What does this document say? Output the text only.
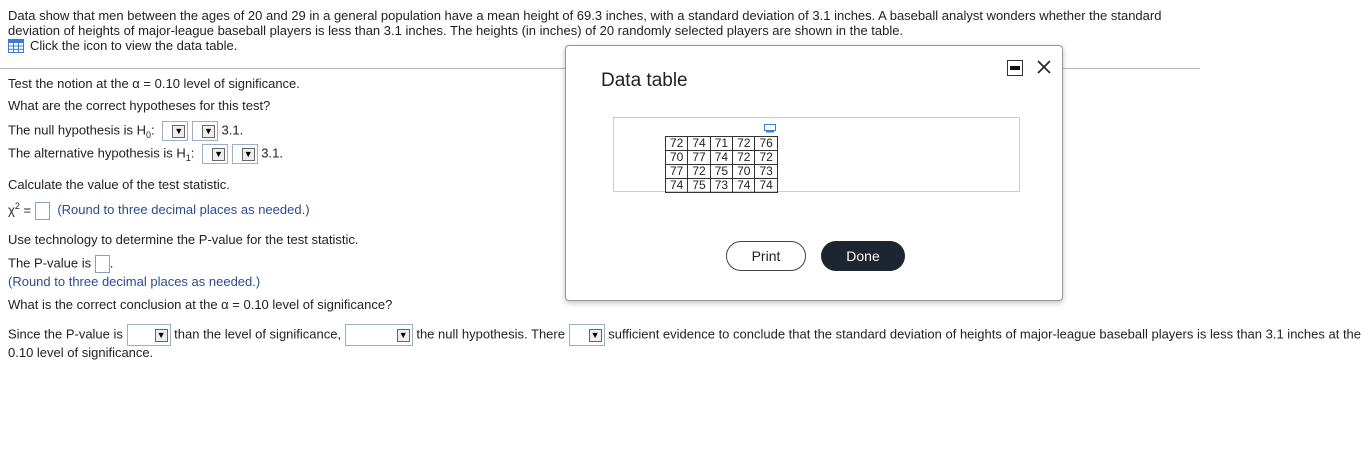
Data show that men between the ages of 20 and 29 in a general population have a mean height of 69.3 inches, with a standard deviation of 3.1 inches. A baseball analyst wonders whether the standard deviation of heights of major-league baseball players is less than 3.1 inches. The heights (in inches) of 20 randomly selected players are shown in the table.
Click the icon to view the data table.
Test the notion at the α = 0.10 level of significance.
What are the correct hypotheses for this test?
The null hypothesis is $H_0$: ▼
▼ 3.1.
The alternative hypothesis is $H_1$: ▼
▼ 3.1.
Calculate the value of the test statistic.
$\chi^2$ = (Round to three decimal places as needed.)
Use technology to determine the P-value for the test statistic.
The P-value is .
(Round to three decimal places as needed.)
What is the correct conclusion at the α = 0.10 level of significance?
Since the P-value is	▼ than the level of significance,	▼ the null hypothesis. There	▼ sufficient evidence to conclude that the standard deviation of heights of major-league baseball players is less than 3.1 inches at the
0.10 level of significance.
Data table
72	74	71	72	76
70	77	74	72	72
77	72	75	70	73
74	75	73	74	74
Print	Done
